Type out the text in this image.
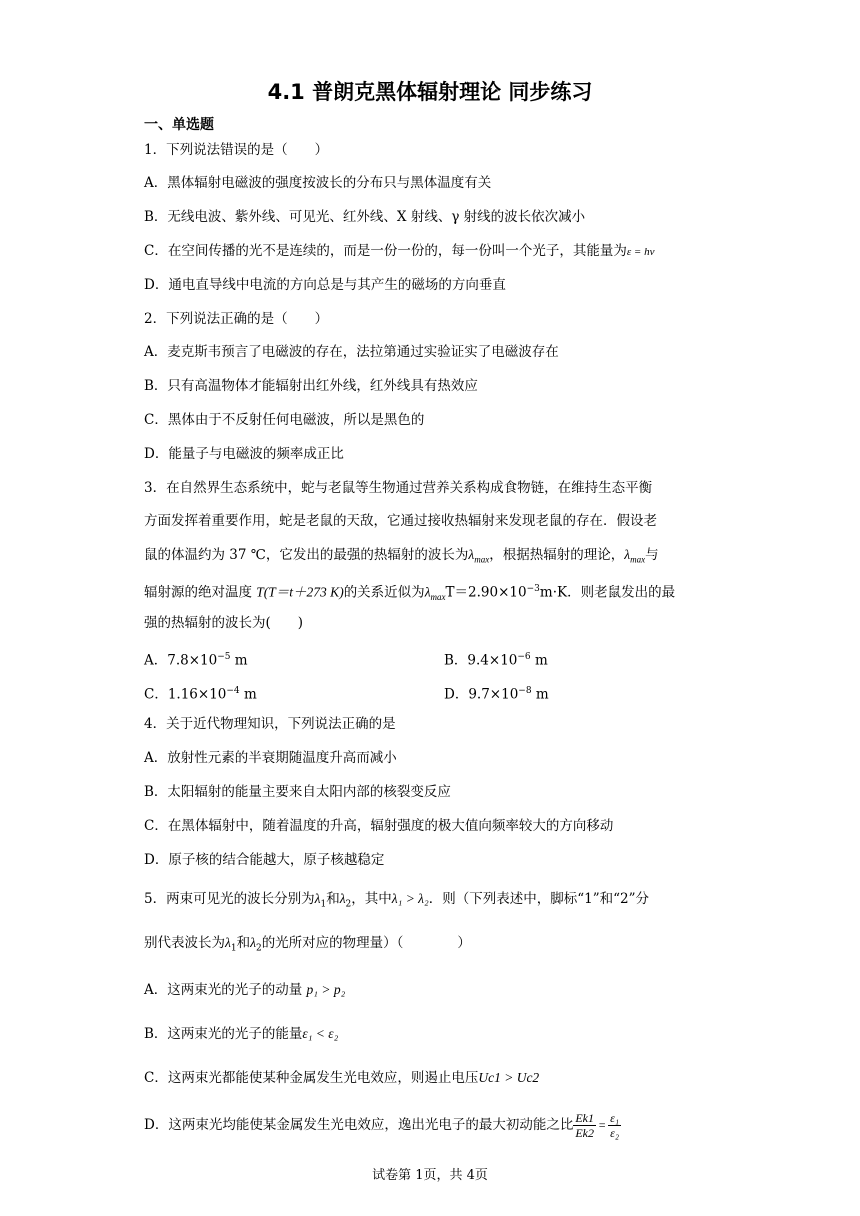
4.1 普朗克黑体辐射理论 同步练习
一、单选题
1．下列说法错误的是（　　）
A．黑体辐射电磁波的强度按波长的分布只与黑体温度有关
B．无线电波、紫外线、可见光、红外线、X 射线、γ 射线的波长依次减小
C．在空间传播的光不是连续的，而是一份一份的，每一份叫一个光子，其能量为ε = hν
D．通电直导线中电流的方向总是与其产生的磁场的方向垂直
2．下列说法正确的是（　　）
A．麦克斯韦预言了电磁波的存在，法拉第通过实验证实了电磁波存在
B．只有高温物体才能辐射出红外线，红外线具有热效应
C．黑体由于不反射任何电磁波，所以是黑色的
D．能量子与电磁波的频率成正比
3．在自然界生态系统中，蛇与老鼠等生物通过营养关系构成食物链，在维持生态平衡
方面发挥着重要作用，蛇是老鼠的天敌，它通过接收热辐射来发现老鼠的存在．假设老
鼠的体温约为 37 ℃，它发出的最强的热辐射的波长为$\lambda_{max}$，根据热辐射的理论，$\lambda_{max}$与
辐射源的绝对温度 T(T＝t＋273 K)的关系近似为$\lambda_{max}T=2.90\times 10^{-3}m\cdot K$．则老鼠发出的最
强的热辐射的波长为(　　)
A．$7.8\times 10^{-5}$ m	B．$9.4\times 10^{-6}$ m
C．$1.16\times 10^{-4}$ m	D．$9.7\times 10^{-8}$ m
4．关于近代物理知识，下列说法正确的是
A．放射性元素的半衰期随温度升高而减小
B．太阳辐射的能量主要来自太阳内部的核裂变反应
C．在黑体辐射中，随着温度的升高，辐射强度的极大值向频率较大的方向移动
D．原子核的结合能越大，原子核越稳定
5．两束可见光的波长分别为$\lambda_1$和$\lambda_2$，其中λ₁ > λ₂．则（下列表述中，脚标“1”和“2”分
别代表波长为$\lambda_1$和$\lambda_2$的光所对应的物理量）（　　　　）
A．这两束光的光子的动量 p₁ > p₂
B．这两束光的光子的能量ε₁ < ε₂
C．这两束光都能使某种金属发生光电效应，则遏止电压Uc1 > Uc2
D．这两束光均能使某金属发生光电效应，逸出光电子的最大初动能之比 $\frac{Ek1}{Ek2} = \frac{\text{ε₁}}{\text{ε₂}}$
试卷第 1页，共 4页
